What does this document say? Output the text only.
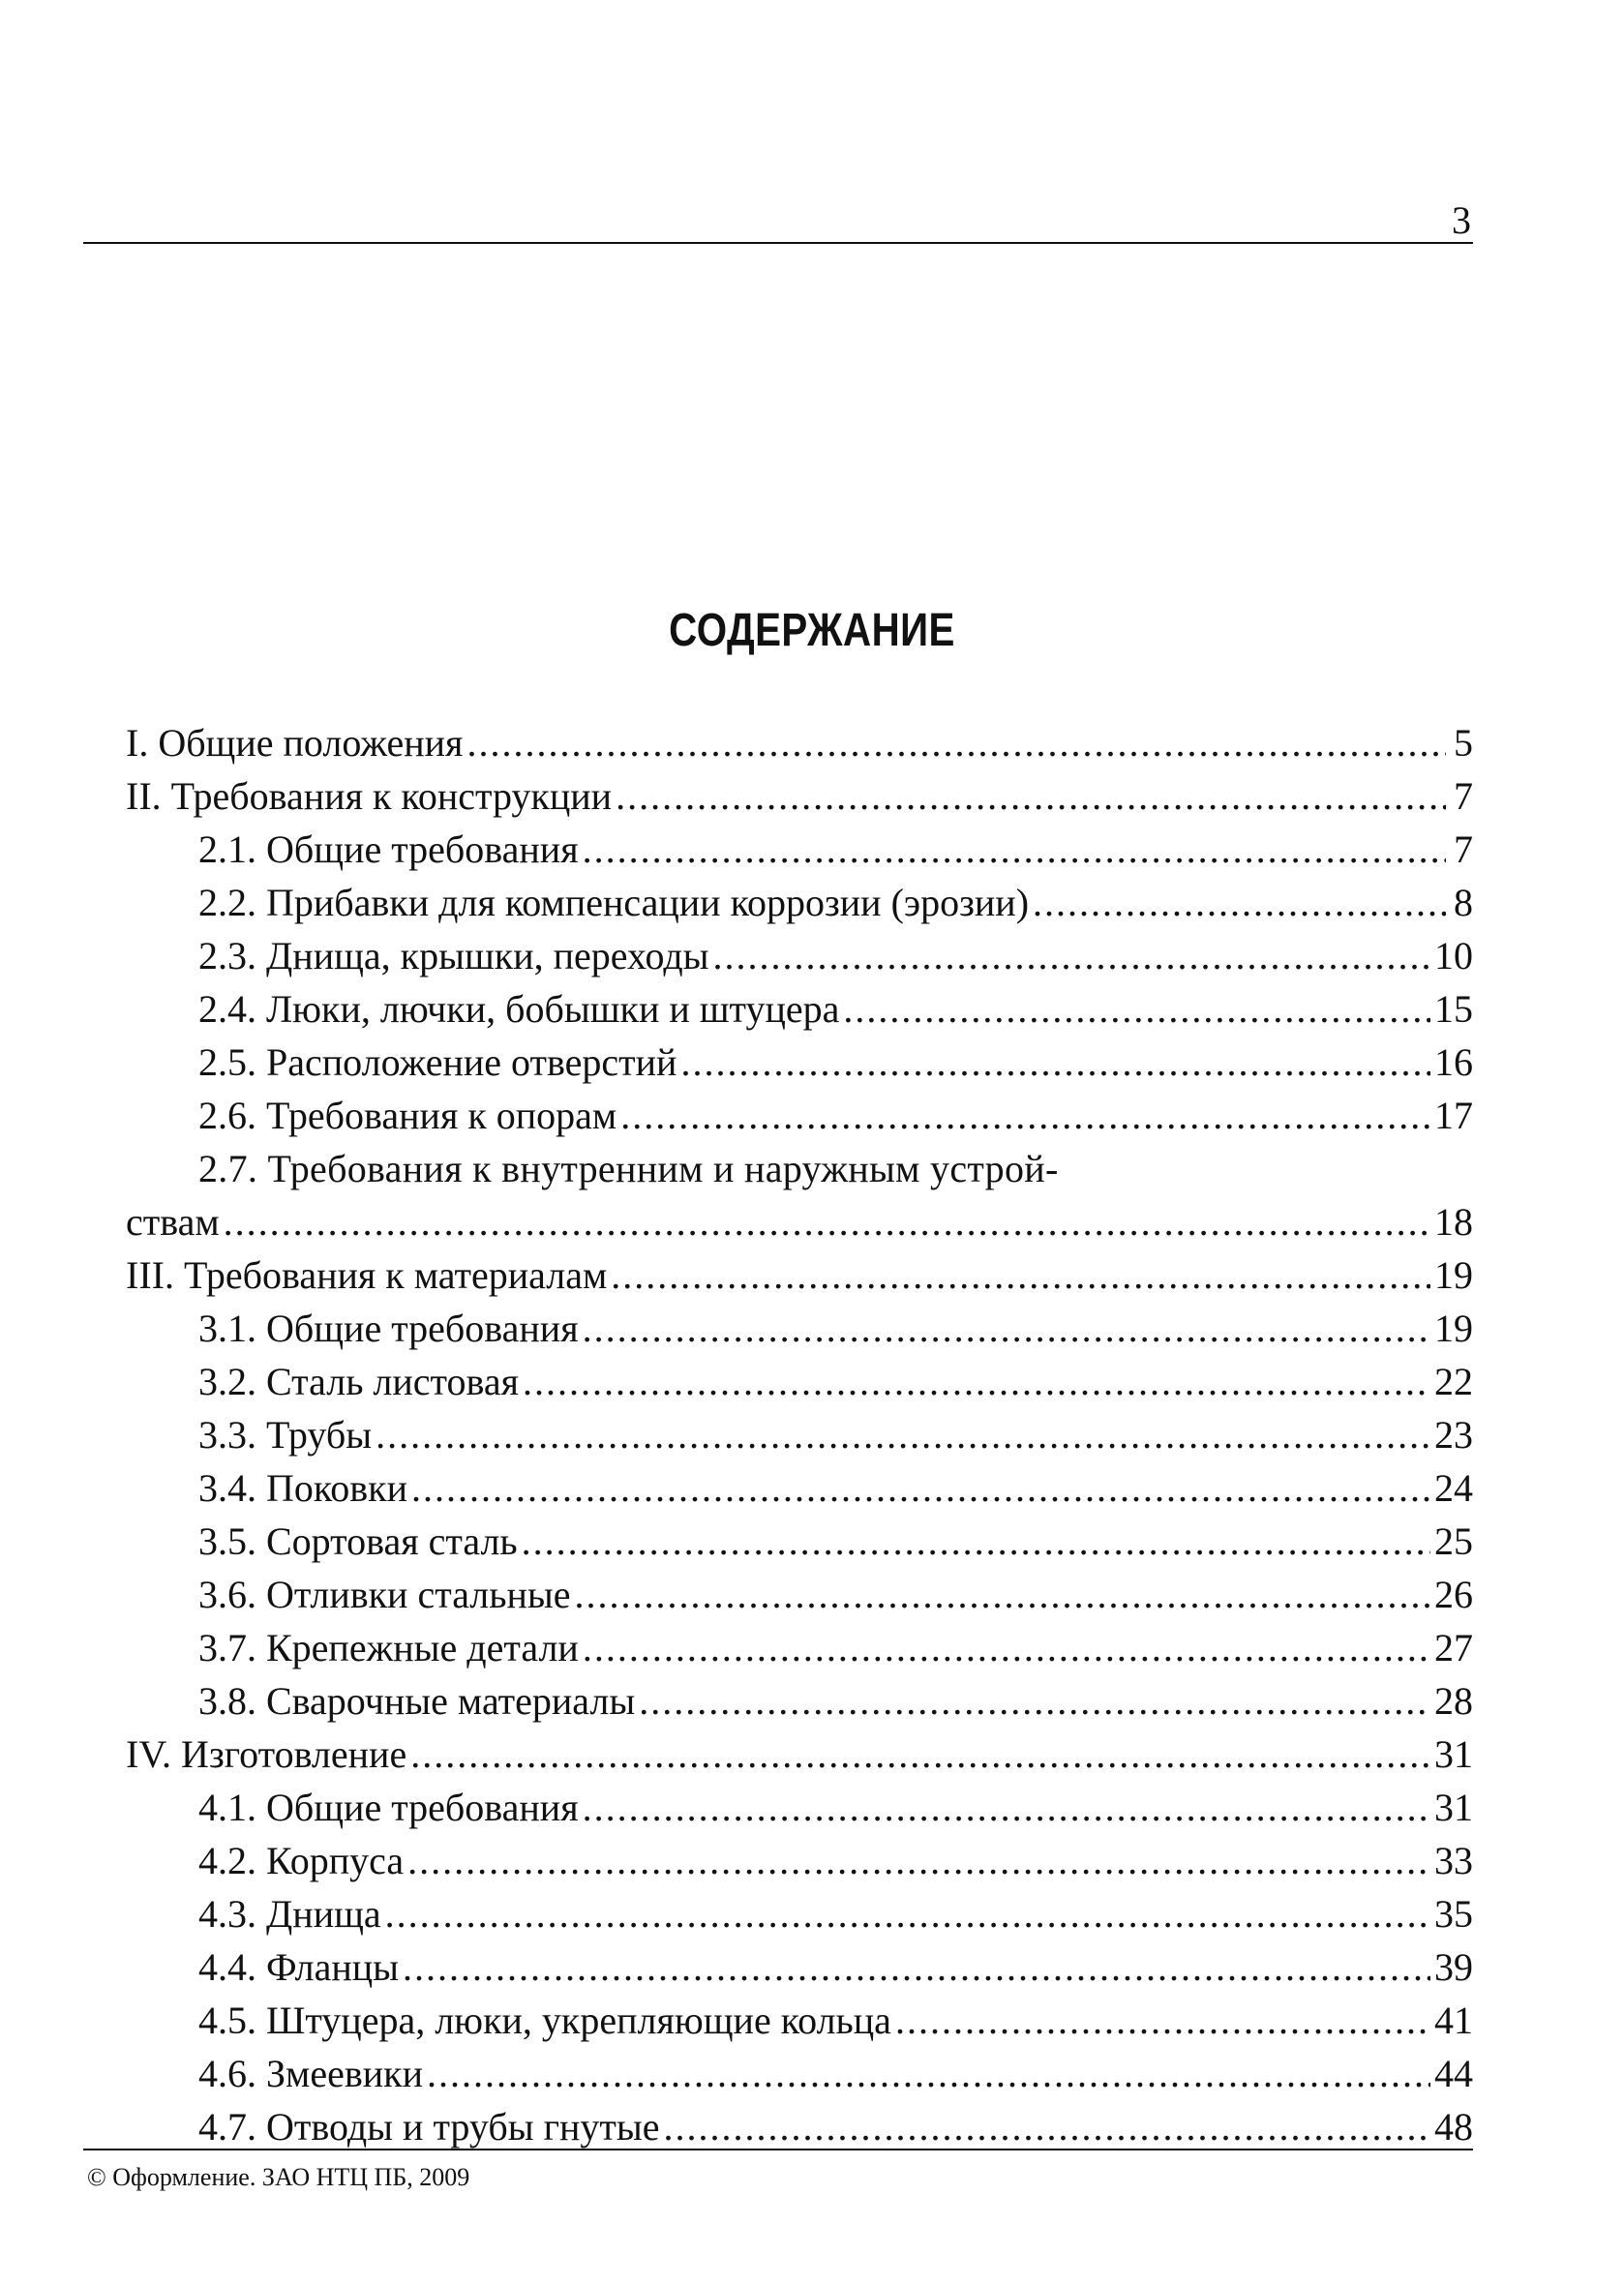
3
СОДЕРЖАНИЕ
I. Общие положения .....	5
II. Требования к конструкции .....	7
2.1. Общие требования .....	7
2.2. Прибавки для компенсации коррозии (эрозии) .....	8
2.3. Днища, крышки, переходы .....	10
2.4. Люки, лючки, бобышки и штуцера .....	15
2.5. Расположение отверстий .....	16
2.6. Требования к опорам .....	17
2.7. Требования к внутренним и наружным устрой-
ствам .....	18
III. Требования к материалам .....	19
3.1. Общие требования .....	19
3.2. Сталь листовая .....	22
3.3. Трубы .....	23
3.4. Поковки .....	24
3.5. Сортовая сталь .....	25
3.6. Отливки стальные .....	26
3.7. Крепежные детали .....	27
3.8. Сварочные материалы .....	28
IV. Изготовление .....	31
4.1. Общие требования .....	31
4.2. Корпуса .....	33
4.3. Днища .....	35
4.4. Фланцы .....	39
4.5. Штуцера, люки, укрепляющие кольца .....	41
4.6. Змеевики .....	44
4.7. Отводы и трубы гнутые .....	48
© Оформление. ЗАО НТЦ ПБ, 2009
